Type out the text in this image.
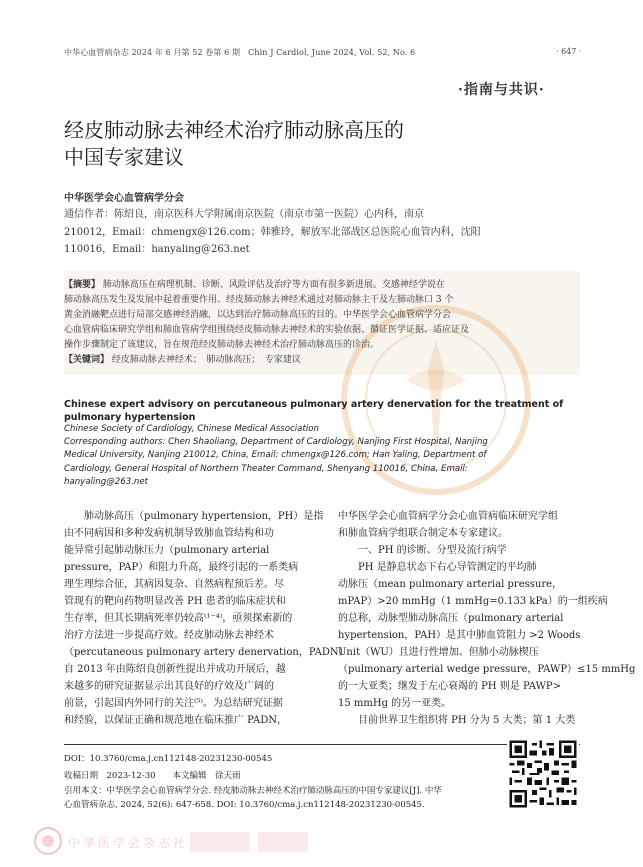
中华心血管病杂志 2024 年 6 月第 52 卷第 6 期　Chin J Cardiol, June 2024, Vol. 52, No. 6	· 647 ·
·指南与共识·
经皮肺动脉去神经术治疗肺动脉高压的
中国专家建议
中华医学会心血管病学分会
通信作者：陈绍良，南京医科大学附属南京医院（南京市第一医院）心内科，南京
210012，Email：chmengx@126.com；韩雅玲，解放军北部战区总医院心血管内科，沈阳
110016，Email：hanyaling@263.net
【摘要】 肺动脉高压在病理机制、诊断、风险评估及治疗等方面有很多新进展。交感神经学说在
肺动脉高压发生及发展中起着重要作用。经皮肺动脉去神经术通过对肺动脉主干及左肺动脉口 3 个
黄金消融靶点进行局部交感神经消融，以达到治疗肺动脉高压的目的。中华医学会心血管病学分会
心血管病临床研究学组和肺血管病学组围绕经皮肺动脉去神经术的实验依据、循证医学证据、适应证及
操作步骤制定了该建议，旨在规范经皮肺动脉去神经术治疗肺动脉高压的诊治。
【关键词】 经皮肺动脉去神经术；　肺动脉高压；　专家建议
Chinese expert advisory on percutaneous pulmonary artery denervation for the treatment of
pulmonary hypertension
Chinese Society of Cardiology, Chinese Medical Association
Corresponding authors: Chen Shaoliang, Department of Cardiology, Nanjing First Hospital, Nanjing
Medical University, Nanjing 210012, China, Email: chmengx@126.com; Han Yaling, Department of
Cardiology, General Hospital of Northern Theater Command, Shenyang 110016, China, Email:
hanyaling@263.net
　　肺动脉高压（pulmonary hypertension，PH）是指
由不同病因和多种发病机制导致肺血管结构和功
能异常引起肺动脉压力（pulmonary arterial
pressure，PAP）和阻力升高，最终引起的一系类病
理生理综合征，其病因复杂、自然病程预后差。尽
管现有的靶向药物明显改善 PH 患者的临床症状和
生存率，但其长期病死率仍较高⁽¹⁻⁴⁾，亟须探索新的
治疗方法进一步提高疗效。经皮肺动脉去神经术
（percutaneous pulmonary artery denervation，PADN）
自 2013 年由陈绍良创新性提出并成功开展后，越
来越多的研究证据显示出其良好的疗效及广阔的
前景，引起国内外同行的关注⁽⁵⁾。为总结研究证据
和经验，以保证正确和规范地在临床推广 PADN，
中华医学会心血管病学分会心血管病临床研究学组
和肺血管病学组联合制定本专家建议。
　　一、PH 的诊断、分型及流行病学
　　PH 是静息状态下右心导管测定的平均肺
动脉压（mean pulmonary arterial pressure，
mPAP）>20 mmHg（1 mmHg=0.133 kPa）的一组疾病
的总称，动脉型肺动脉高压（pulmonary arterial
hypertension，PAH）是其中肺血管阻力 >2 Woods
Unit（WU）且进行性增加、但肺小动脉楔压
（pulmonary arterial wedge pressure，PAWP）≤15 mmHg
的一大亚类；继发于左心衰竭的 PH 则是 PAWP>
15 mmHg 的另一亚类。
　　目前世界卫生组织将 PH 分为 5 大类；第 1 大类
DOI：10.3760/cma.j.cn112148-20231230-00545
收稿日期　2023-12-30　　本文编辑　徐天雨
引用本文：中华医学会心血管病学分会. 经皮肺动脉去神经术治疗肺动脉高压的中国专家建议[J]. 中华
心血管病杂志, 2024, 52(6): 647-658. DOI: 10.3760/cma.j.cn112148-20231230-00545.
中华医学会杂志社
